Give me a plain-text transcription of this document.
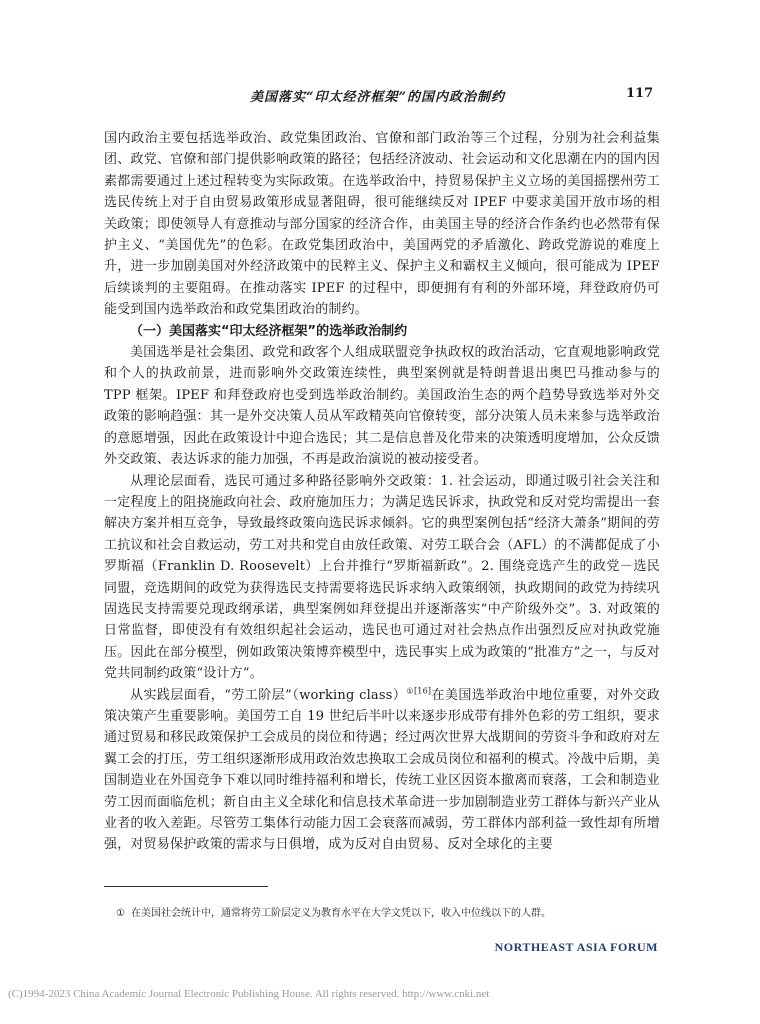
美国落实“印太经济框架”的国内政治制约	117

国内政治主要包括选举政治、政党集团政治、官僚和部门政治等三个过程，分别为社会利益集团、政党、官僚和部门提供影响政策的路径；包括经济波动、社会运动和文化思潮在内的国内因素都需要通过上述过程转变为实际政策。在选举政治中，持贸易保护主义立场的美国摇摆州劳工选民传统上对于自由贸易政策形成显著阻碍，很可能继续反对 IPEF 中要求美国开放市场的相关政策；即使领导人有意推动与部分国家的经济合作，由美国主导的经济合作条约也必然带有保护主义、“美国优先”的色彩。在政党集团政治中，美国两党的矛盾激化、跨政党游说的难度上升，进一步加剧美国对外经济政策中的民粹主义、保护主义和霸权主义倾向，很可能成为 IPEF 后续谈判的主要阻碍。在推动落实 IPEF 的过程中，即便拥有有利的外部环境，拜登政府仍可能受到国内选举政治和政党集团政治的制约。

（一）美国落实“印太经济框架”的选举政治制约

美国选举是社会集团、政党和政客个人组成联盟竞争执政权的政治活动，它直观地影响政党和个人的执政前景，进而影响外交政策连续性，典型案例就是特朗普退出奥巴马推动参与的 TPP 框架。IPEF 和拜登政府也受到选举政治制约。美国政治生态的两个趋势导致选举对外交政策的影响趋强：其一是外交决策人员从军政精英向官僚转变，部分决策人员未来参与选举政治的意愿增强，因此在政策设计中迎合选民；其二是信息普及化带来的决策透明度增加，公众反馈外交政策、表达诉求的能力加强，不再是政治演说的被动接受者。

从理论层面看，选民可通过多种路径影响外交政策：1. 社会运动，即通过吸引社会关注和一定程度上的阻挠施政向社会、政府施加压力；为满足选民诉求，执政党和反对党均需提出一套解决方案并相互竞争，导致最终政策向选民诉求倾斜。它的典型案例包括“经济大萧条”期间的劳工抗议和社会自救运动，劳工对共和党自由放任政策、对劳工联合会（AFL）的不满都促成了小罗斯福（Franklin D. Roosevelt）上台并推行“罗斯福新政”。2. 围绕竞选产生的政党－选民同盟，竞选期间的政党为获得选民支持需要将选民诉求纳入政策纲领，执政期间的政党为持续巩固选民支持需要兑现政纲承诺，典型案例如拜登提出并逐渐落实“中产阶级外交”。3. 对政策的日常监督，即使没有有效组织起社会运动，选民也可通过对社会热点作出强烈反应对执政党施压。因此在部分模型，例如政策决策博弈模型中，选民事实上成为政策的“批准方”之一，与反对党共同制约政策“设计方”。

从实践层面看，“劳工阶层”（working class）$^{①[16]}$在美国选举政治中地位重要，对外交政策决策产生重要影响。美国劳工自 19 世纪后半叶以来逐步形成带有排外色彩的劳工组织，要求通过贸易和移民政策保护工会成员的岗位和待遇；经过两次世界大战期间的劳资斗争和政府对左翼工会的打压，劳工组织逐渐形成用政治效忠换取工会成员岗位和福利的模式。冷战中后期，美国制造业在外国竞争下难以同时维持福利和增长，传统工业区因资本撤离而衰落，工会和制造业劳工因而面临危机；新自由主义全球化和信息技术革命进一步加剧制造业劳工群体与新兴产业从业者的收入差距。尽管劳工集体行动能力因工会衰落而减弱，劳工群体内部利益一致性却有所增强，对贸易保护政策的需求与日俱增，成为反对自由贸易、反对全球化的主要

① 在美国社会统计中，通常将劳工阶层定义为教育水平在大学文凭以下，收入中位线以下的人群。
NORTHEAST ASIA FORUM
(C)1994-2023 China Academic Journal Electronic Publishing House. All rights reserved. http://www.cnki.net
